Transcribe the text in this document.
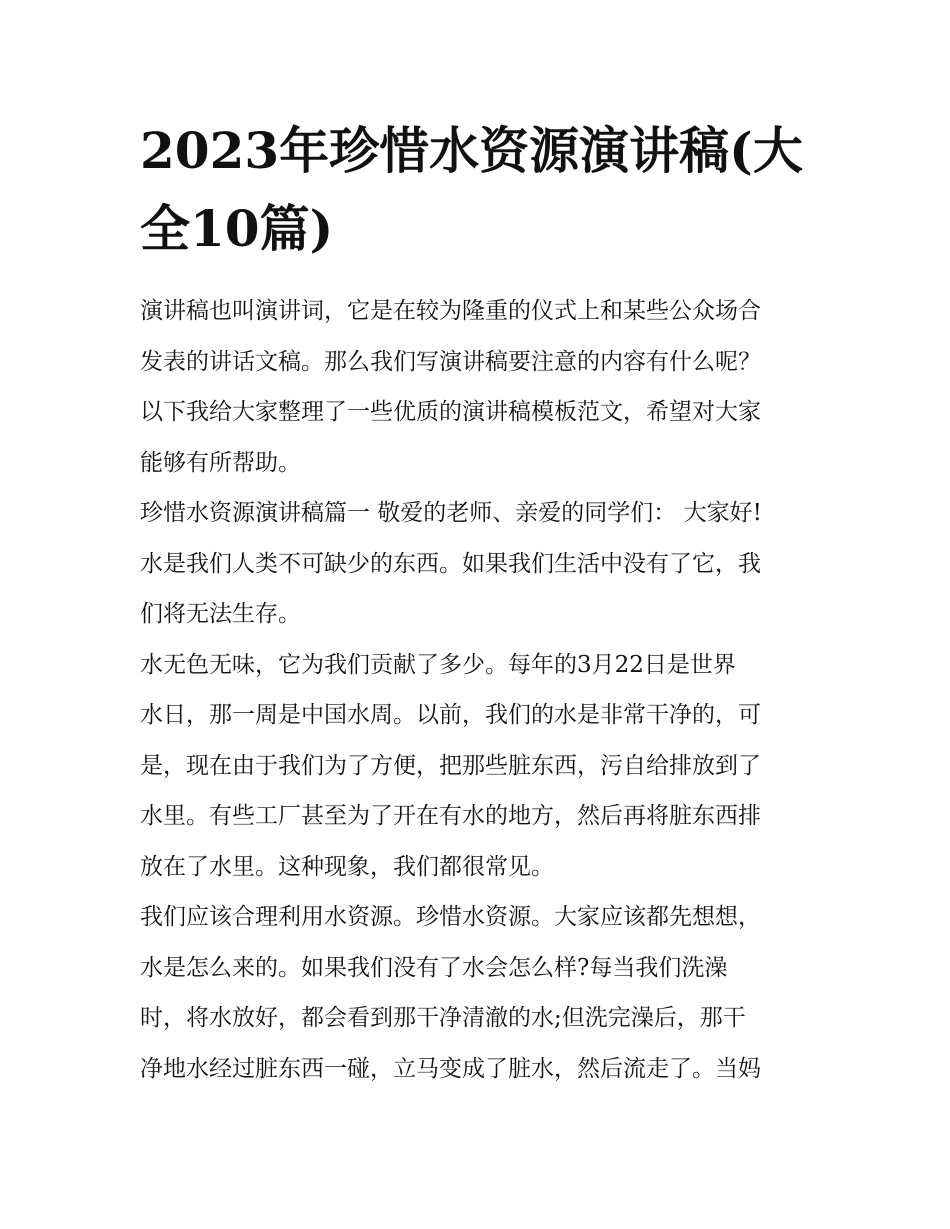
2023年珍惜水资源演讲稿(大
全10篇)
演讲稿也叫演讲词，它是在较为隆重的仪式上和某些公众场合
发表的讲话文稿。那么我们写演讲稿要注意的内容有什么呢？
以下我给大家整理了一些优质的演讲稿模板范文，希望对大家
能够有所帮助。
珍惜水资源演讲稿篇一 敬爱的老师、亲爱的同学们： 大家好!
水是我们人类不可缺少的东西。如果我们生活中没有了它，我
们将无法生存。
水无色无味，它为我们贡献了多少。每年的3月22日是世界
水日，那一周是中国水周。以前，我们的水是非常干净的，可
是，现在由于我们为了方便，把那些脏东西，污自给排放到了
水里。有些工厂甚至为了开在有水的地方，然后再将脏东西排
放在了水里。这种现象，我们都很常见。
我们应该合理利用水资源。珍惜水资源。大家应该都先想想，
水是怎么来的。如果我们没有了水会怎么样?每当我们洗澡
时，将水放好，都会看到那干净清澈的水;但洗完澡后，那干
净地水经过脏东西一碰，立马变成了脏水，然后流走了。当妈
